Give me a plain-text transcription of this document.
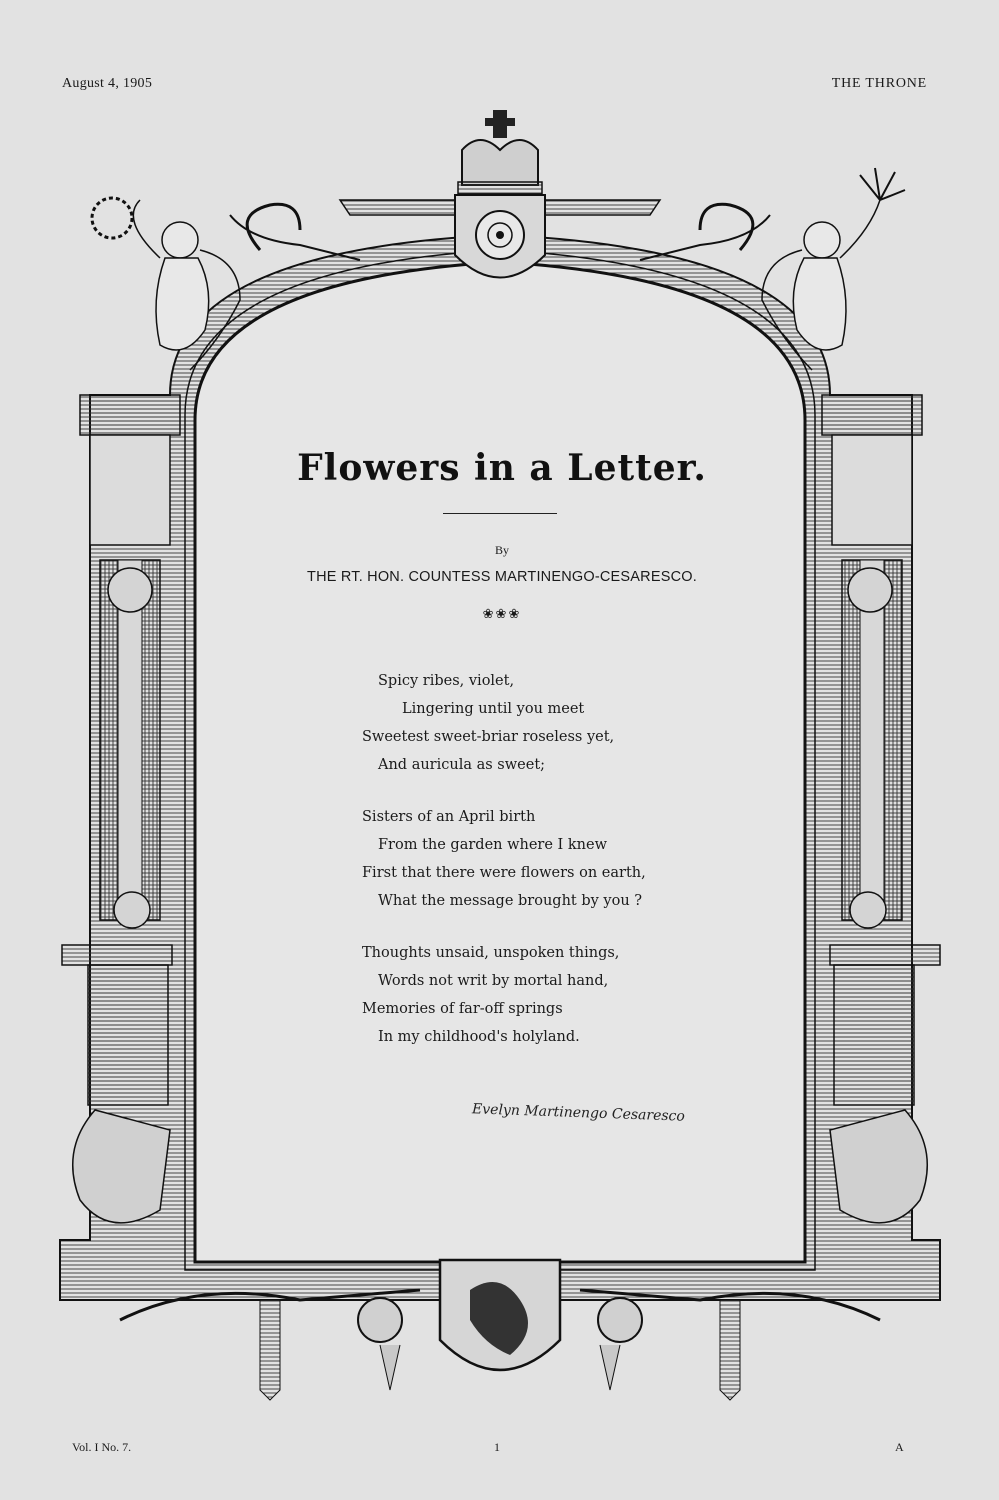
August 4, 1905	THE THRONE
Flowers in a Letter.
By
THE RT. HON. COUNTESS MARTINENGO-CESARESCO.
❀❀❀
Spicy ribes, violet,
Lingering until you meet
Sweetest sweet-briar roseless yet,
And auricula as sweet;
Sisters of an April birth
From the garden where I knew
First that there were flowers on earth,
What the message brought by you ?
Thoughts unsaid, unspoken things,
Words not writ by mortal hand,
Memories of far-off springs
In my childhood's holyland.
Evelyn Martinengo Cesaresco
Vol. I No. 7.	1	A
